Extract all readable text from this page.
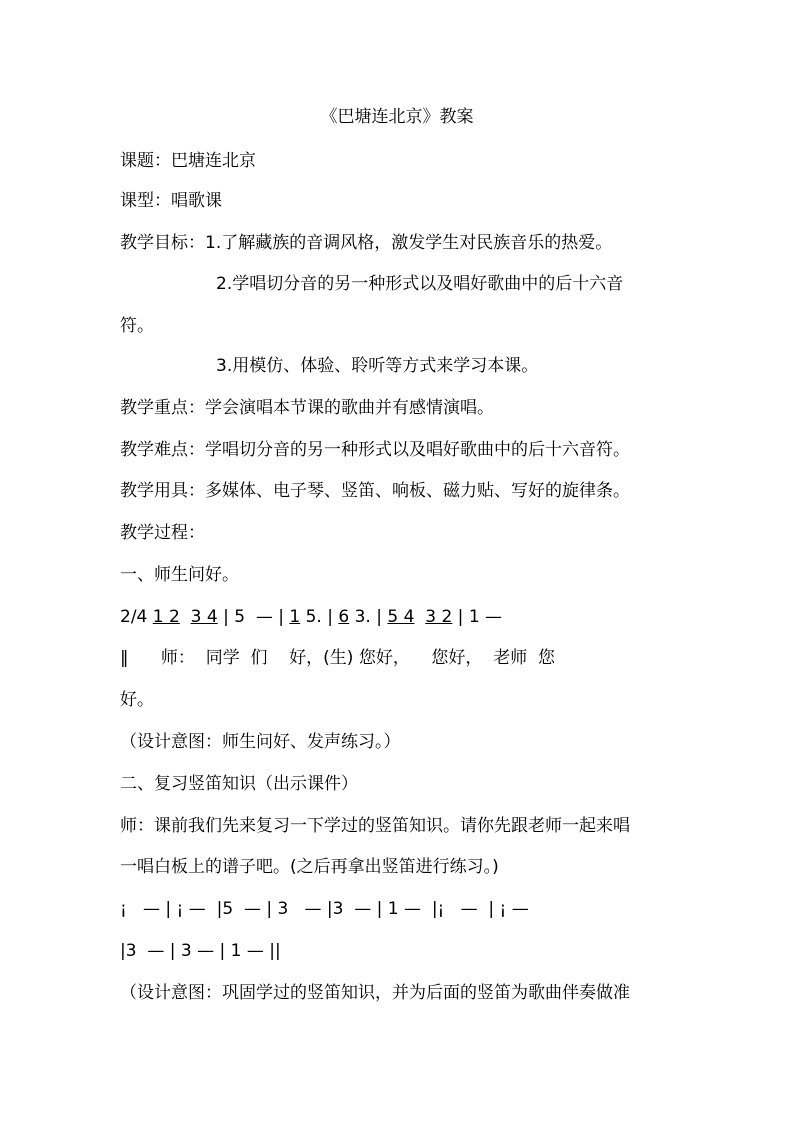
《巴塘连北京》教案
课题：巴塘连北京
课型：唱歌课
教学目标：1.了解藏族的音调风格，激发学生对民族音乐的热爱。
2.学唱切分音的另一种形式以及唱好歌曲中的后十六音
符。
3.用模仿、体验、聆听等方式来学习本课。
教学重点：学会演唱本节课的歌曲并有感情演唱。
教学难点：学唱切分音的另一种形式以及唱好歌曲中的后十六音符。
教学用具：多媒体、电子琴、竖笛、响板、磁力贴、写好的旋律条。
教学过程：
一、师生问好。
2/4 1 2 3 4 | 5  — | 1 5. | 6 3. | 5 4 3 2 | 1 —
‖      师：  同学  们    好，(生) 您好，    您好，  老师  您
好。
（设计意图：师生问好、发声练习。）
二、复习竖笛知识（出示课件）
师：课前我们先来复习一下学过的竖笛知识。请你先跟老师一起来唱
一唱白板上的谱子吧。(之后再拿出竖笛进行练习。)
¡   — | ¡ —  |5  — | 3   — |3  — | 1 —  |¡   —  | ¡ —
|3  — | 3 — | 1 — ||
（设计意图：巩固学过的竖笛知识，并为后面的竖笛为歌曲伴奏做准
